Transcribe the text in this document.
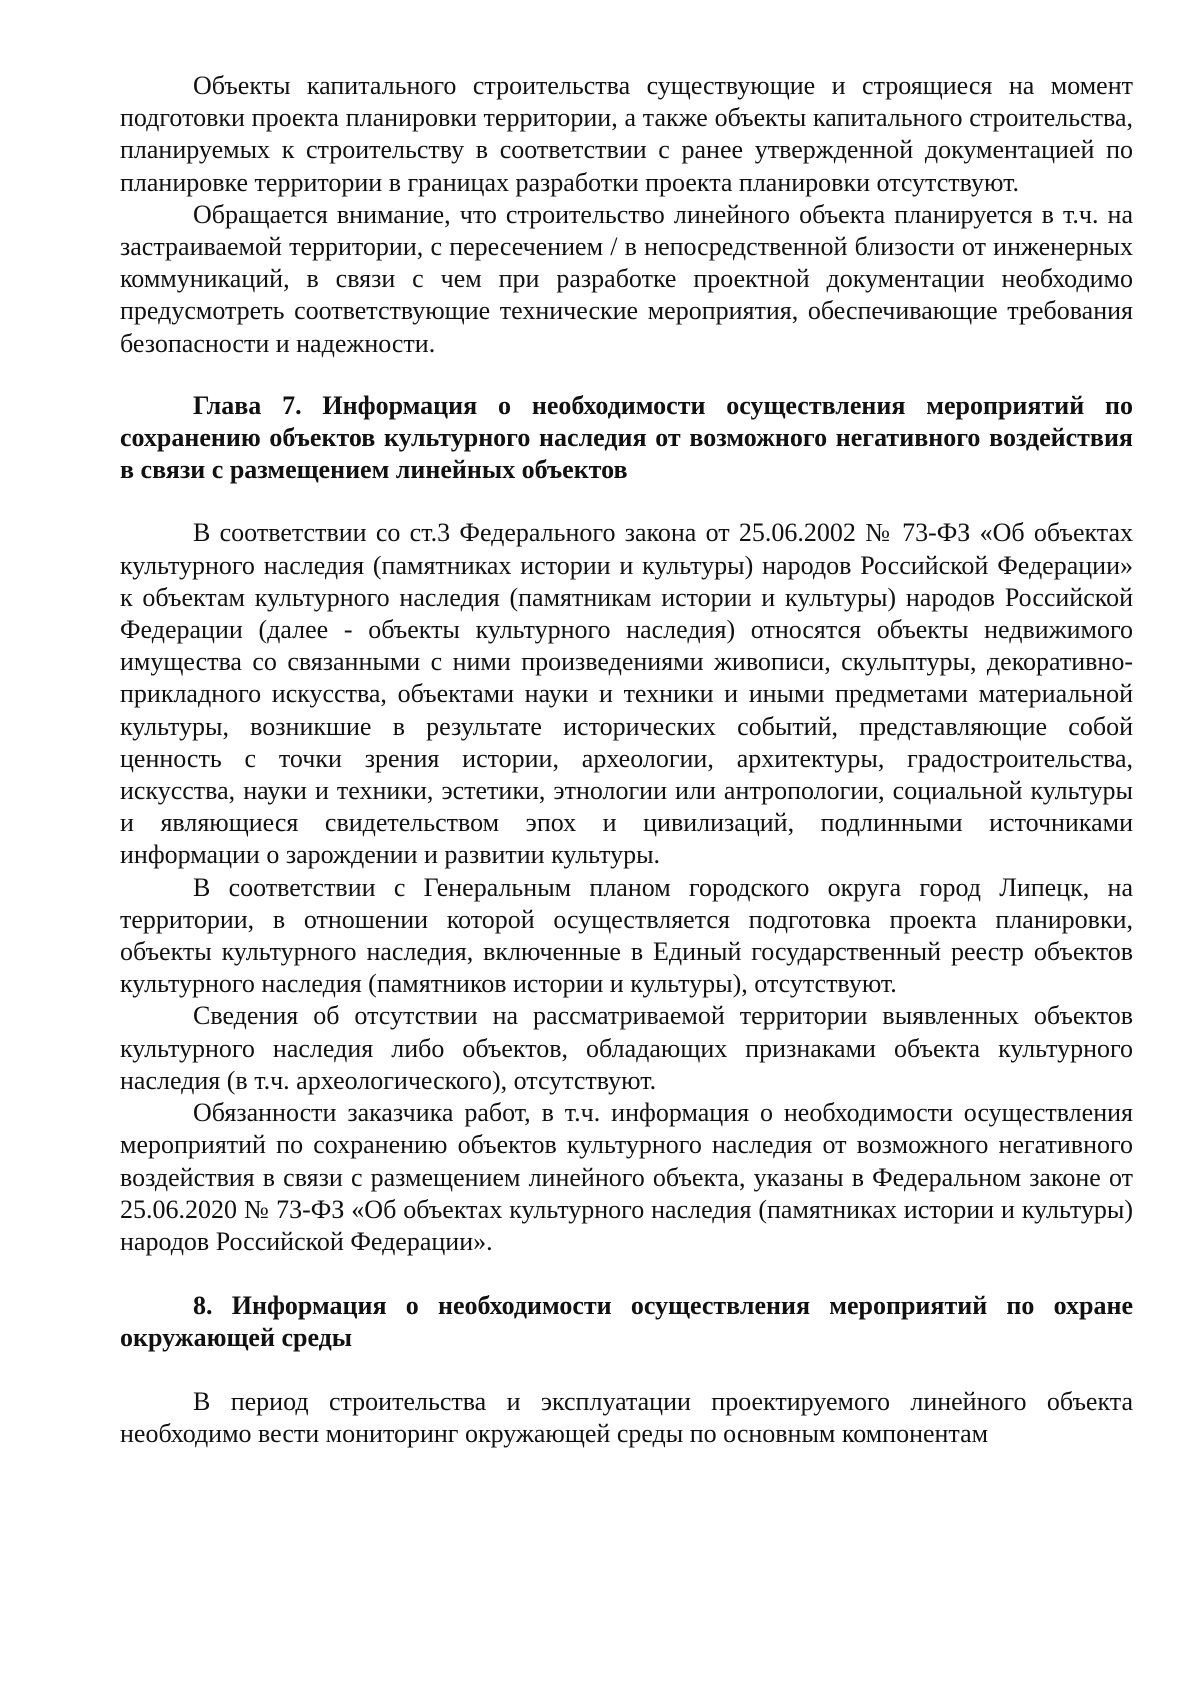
Объекты капитального строительства существующие и строящиеся на момент подготовки проекта планировки территории, а также объекты капитального строительства, планируемых к строительству в соответствии с ранее утвержденной документацией по планировке территории в границах разработки проекта планировки отсутствуют.

Обращается внимание, что строительство линейного объекта планируется в т.ч. на застраиваемой территории, с пересечением / в непосредственной близости от инженерных коммуникаций, в связи с чем при разработке проектной документации необходимо предусмотреть соответствующие технические мероприятия, обеспечивающие требования безопасности и надежности.

Глава 7. Информация о необходимости осуществления мероприятий по сохранению объектов культурного наследия от возможного негативного воздействия в связи с размещением линейных объектов

В соответствии со ст.3 Федерального закона от 25.06.2002 № 73-ФЗ «Об объектах культурного наследия (памятниках истории и культуры) народов Российской Федерации» к объектам культурного наследия (памятникам истории и культуры) народов Российской Федерации (далее - объекты культурного наследия) относятся объекты недвижимого имущества со связанными с ними произведениями живописи, скульптуры, декоративно-прикладного искусства, объектами науки и техники и иными предметами материальной культуры, возникшие в результате исторических событий, представляющие собой ценность с точки зрения истории, археологии, архитектуры, градостроительства, искусства, науки и техники, эстетики, этнологии или антропологии, социальной культуры и являющиеся свидетельством эпох и цивилизаций, подлинными источниками информации о зарождении и развитии культуры.

В соответствии с Генеральным планом городского округа город Липецк, на территории, в отношении которой осуществляется подготовка проекта планировки, объекты культурного наследия, включенные в Единый государственный реестр объектов культурного наследия (памятников истории и культуры), отсутствуют.

Сведения об отсутствии на рассматриваемой территории выявленных объектов культурного наследия либо объектов, обладающих признаками объекта культурного наследия (в т.ч. археологического), отсутствуют.

Обязанности заказчика работ, в т.ч. информация о необходимости осуществления мероприятий по сохранению объектов культурного наследия от возможного негативного воздействия в связи с размещением линейного объекта, указаны в Федеральном законе от 25.06.2020 № 73-ФЗ «Об объектах культурного наследия (памятниках истории и культуры) народов Российской Федерации».

8. Информация о необходимости осуществления мероприятий по охране окружающей среды

В период строительства и эксплуатации проектируемого линейного объекта необходимо вести мониторинг окружающей среды по основным компонентам
